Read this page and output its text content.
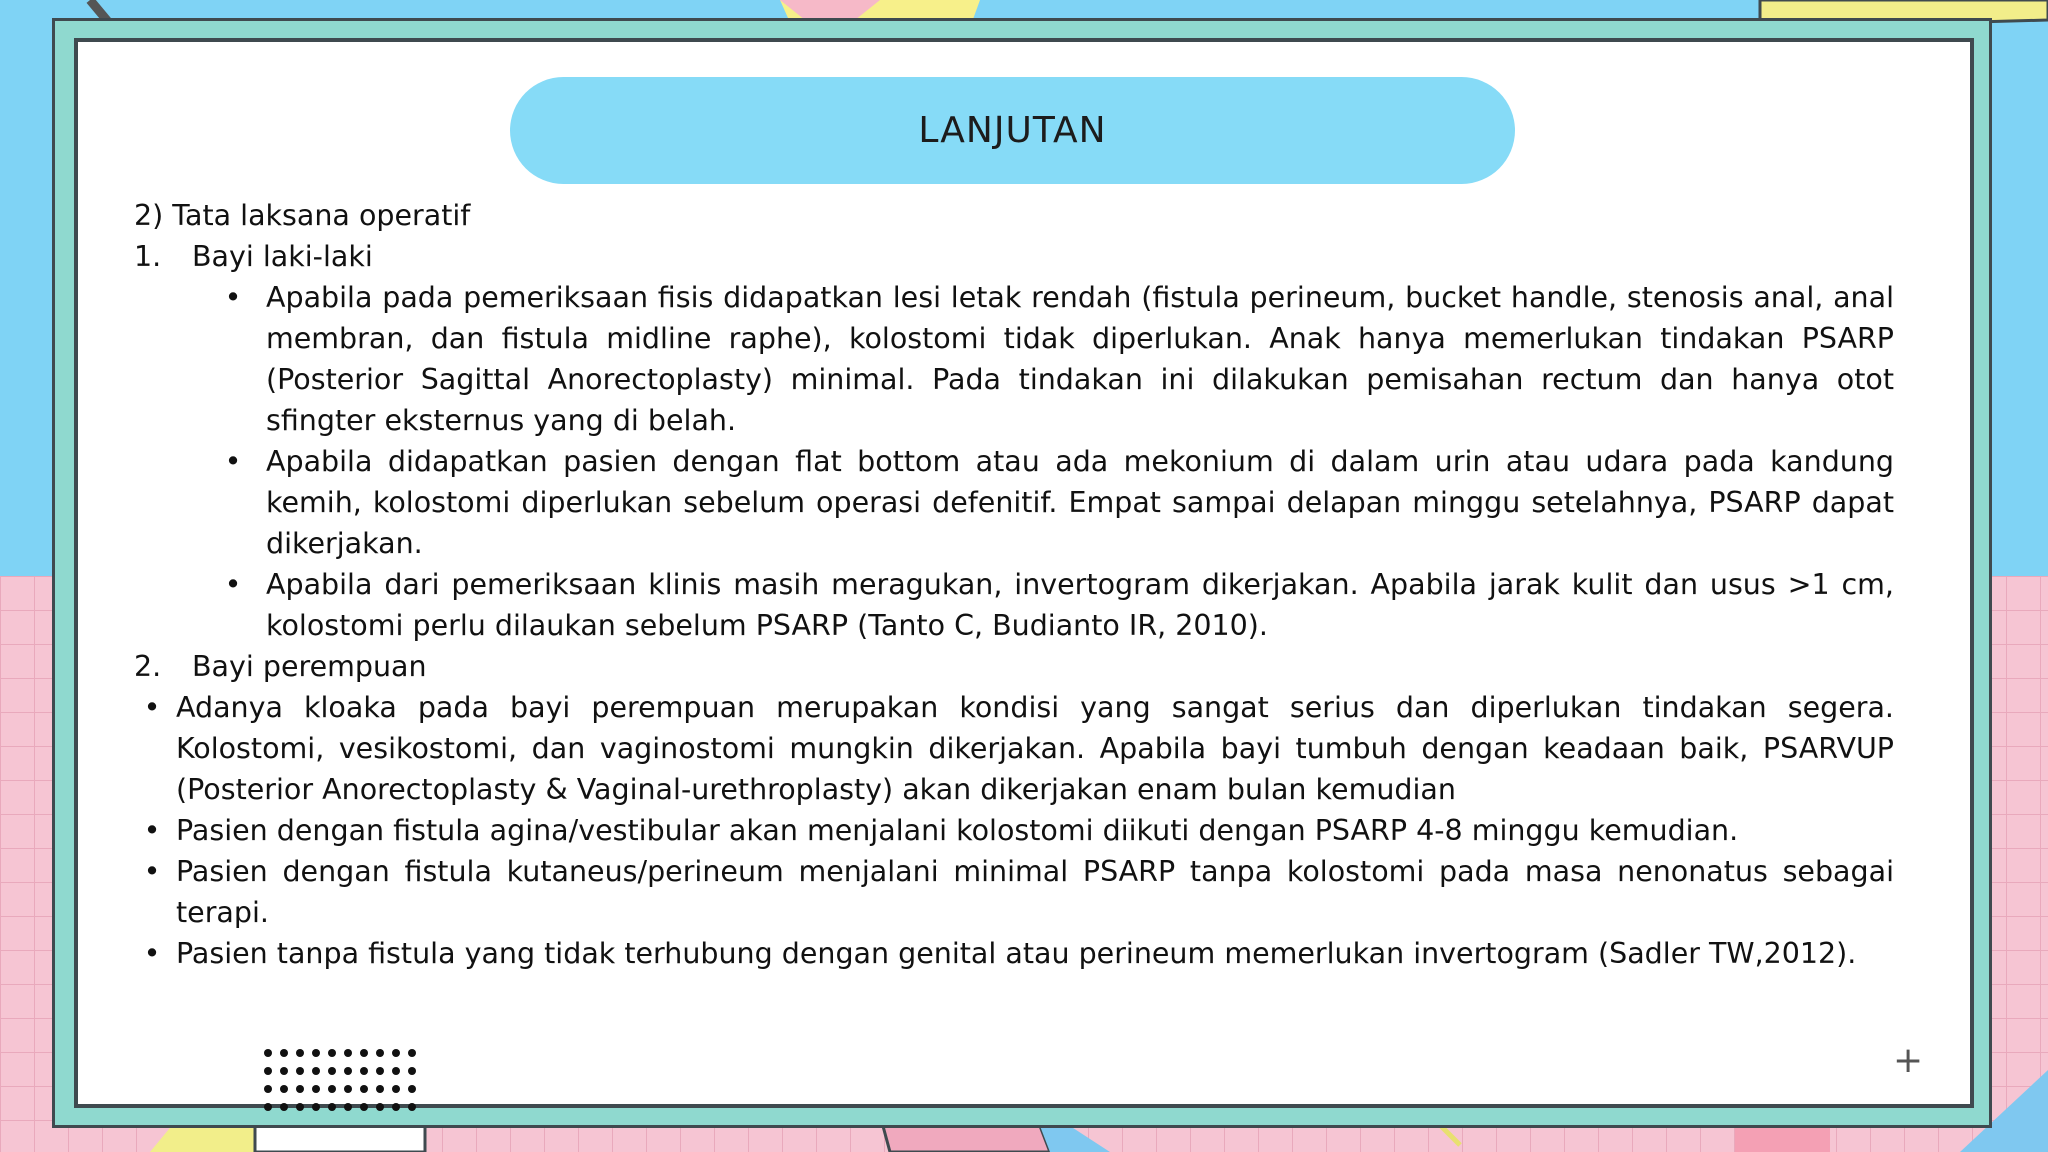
LANJUTAN

2) Tata laksana operatif

1.	Bayi laki-laki
• Apabila pada pemeriksaan fisis didapatkan lesi letak rendah (fistula perineum, bucket handle, stenosis anal, anal membran, dan fistula midline raphe), kolostomi tidak diperlukan. Anak hanya memerlukan tindakan PSARP (Posterior Sagittal Anorectoplasty) minimal. Pada tindakan ini dilakukan pemisahan rectum dan hanya otot sfingter eksternus yang di belah.
• Apabila didapatkan pasien dengan flat bottom atau ada mekonium di dalam urin atau udara pada kandung kemih, kolostomi diperlukan sebelum operasi defenitif. Empat sampai delapan minggu setelahnya, PSARP dapat dikerjakan.
• Apabila dari pemeriksaan klinis masih meragukan, invertogram dikerjakan. Apabila jarak kulit dan usus >1 cm, kolostomi perlu dilaukan sebelum PSARP (Tanto C, Budianto IR, 2010).
2.	Bayi perempuan
• Adanya kloaka pada bayi perempuan merupakan kondisi yang sangat serius dan diperlukan tindakan segera. Kolostomi, vesikostomi, dan vaginostomi mungkin dikerjakan. Apabila bayi tumbuh dengan keadaan baik, PSARVUP (Posterior Anorectoplasty & Vaginal-urethroplasty) akan dikerjakan enam bulan kemudian
• Pasien dengan fistula agina/vestibular akan menjalani kolostomi diikuti dengan PSARP 4-8 minggu kemudian.
• Pasien dengan fistula kutaneus/perineum menjalani minimal PSARP tanpa kolostomi pada masa nenonatus sebagai terapi.
• Pasien tanpa fistula yang tidak terhubung dengan genital atau perineum memerlukan invertogram (Sadler TW,2012).
+
